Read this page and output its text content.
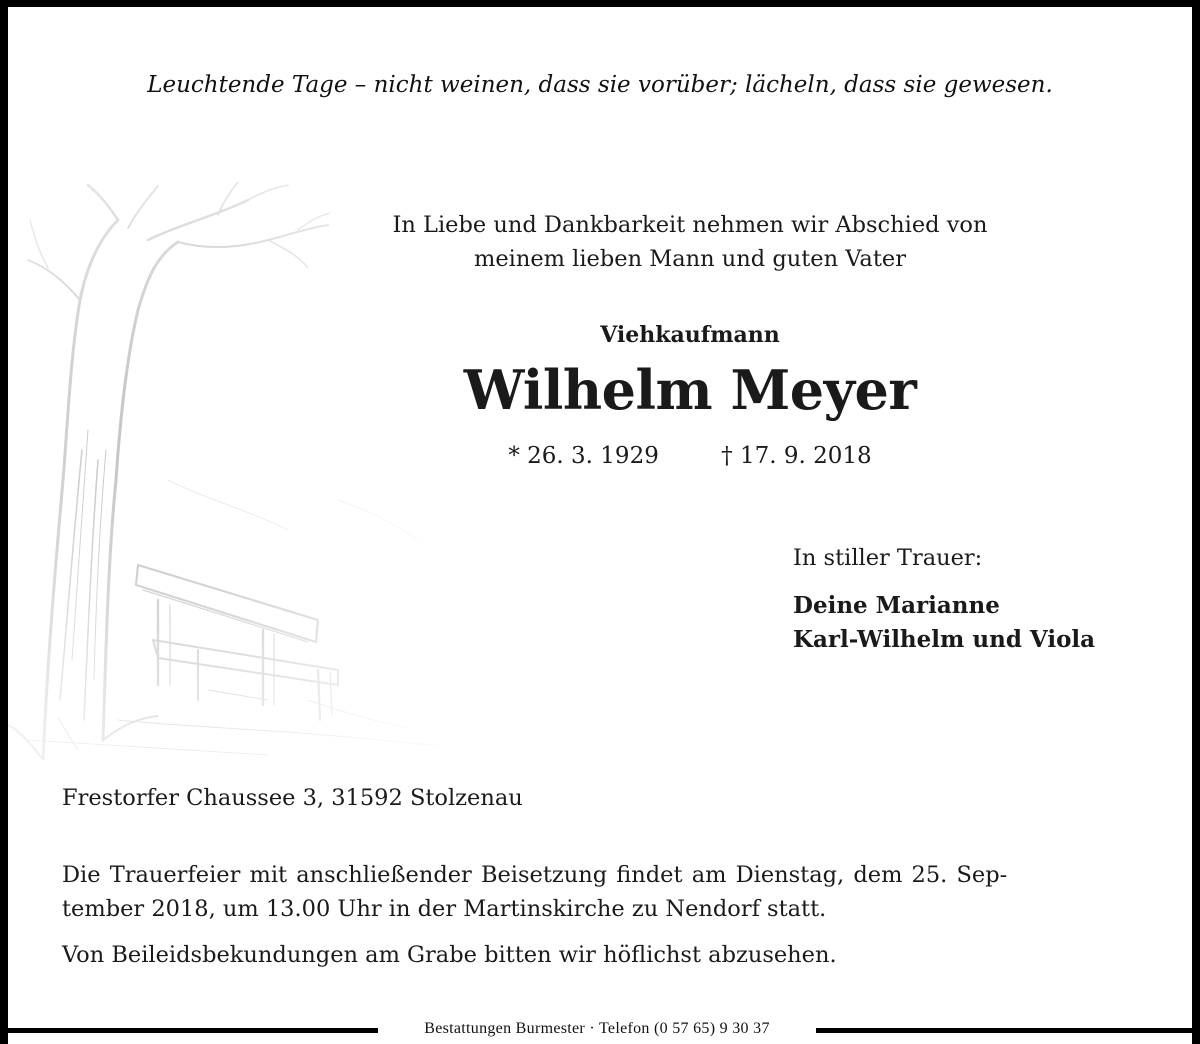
Bestattungen Burmester · Telefon (0 57 65) 9 30 37
Leuchtende Tage – nicht weinen, dass sie vorüber; lächeln, dass sie gewesen.
In Liebe und Dankbarkeit nehmen wir Abschied von
meinem lieben Mann und guten Vater
Viehkaufmann
Wilhelm Meyer
* 26. 3. 1929	† 17. 9. 2018
In stiller Trauer:
Deine Marianne
Karl-Wilhelm und Viola
Frestorfer Chaussee 3, 31592 Stolzenau
Die Trauerfeier mit anschließender Beisetzung findet am Dienstag, dem 25. Sep-
tember 2018, um 13.00 Uhr in der Martinskirche zu Nendorf statt.
Von Beileidsbekundungen am Grabe bitten wir höflichst abzusehen.
